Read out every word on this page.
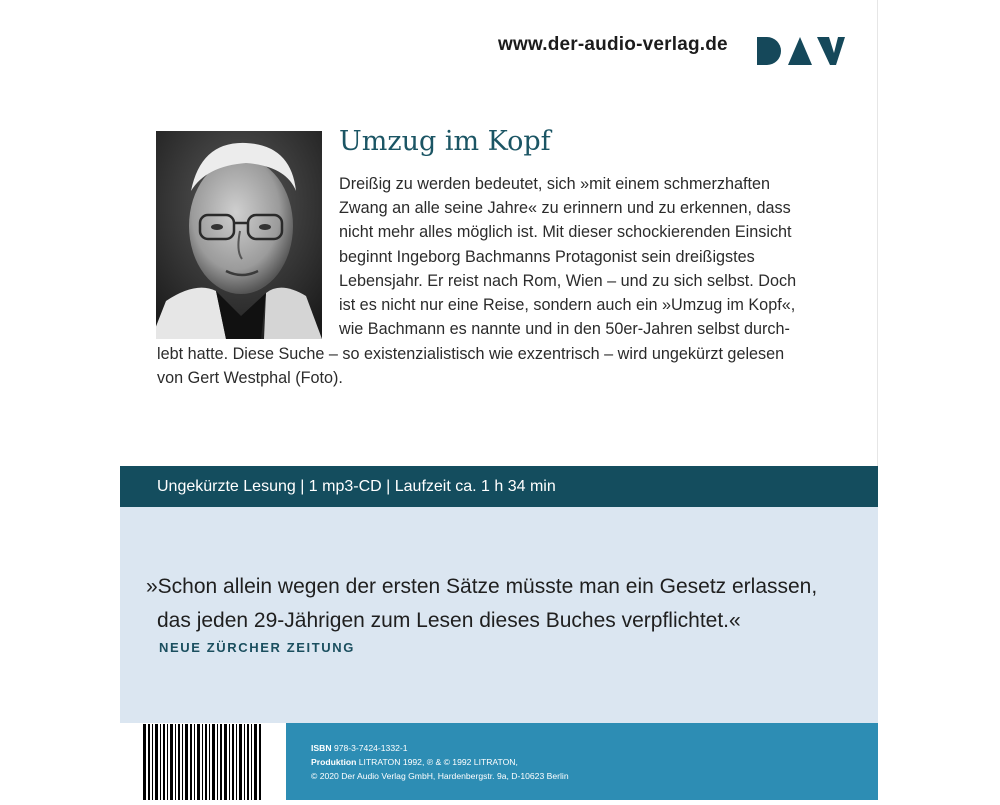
www.der-audio-verlag.de
Umzug im Kopf
Dreißig zu werden bedeutet, sich »mit einem schmerzhaften
Zwang an alle seine Jahre« zu erinnern und zu erkennen, dass
nicht mehr alles möglich ist. Mit dieser schockierenden Einsicht
beginnt Ingeborg Bachmanns Protagonist sein dreißigstes
Lebensjahr. Er reist nach Rom, Wien – und zu sich selbst. Doch
ist es nicht nur eine Reise, sondern auch ein »Umzug im Kopf«,
wie Bachmann es nannte und in den 50er-Jahren selbst durch-
lebt hatte. Diese Suche – so existenzialistisch wie exzentrisch – wird ungekürzt gelesen
von Gert Westphal (Foto).
Ungekürzte Lesung | 1 mp3-CD | Laufzeit ca. 1 h 34 min
»Schon allein wegen der ersten Sätze müsste man ein Gesetz erlassen,
das jeden 29-Jährigen zum Lesen dieses Buches verpflichtet.«
NEUE ZÜRCHER ZEITUNG
ISBN 978-3-7424-1332-1
Produktion LITRATON 1992, ℗ & © 1992 LITRATON,
© 2020 Der Audio Verlag GmbH, Hardenbergstr. 9a, D-10623 Berlin
